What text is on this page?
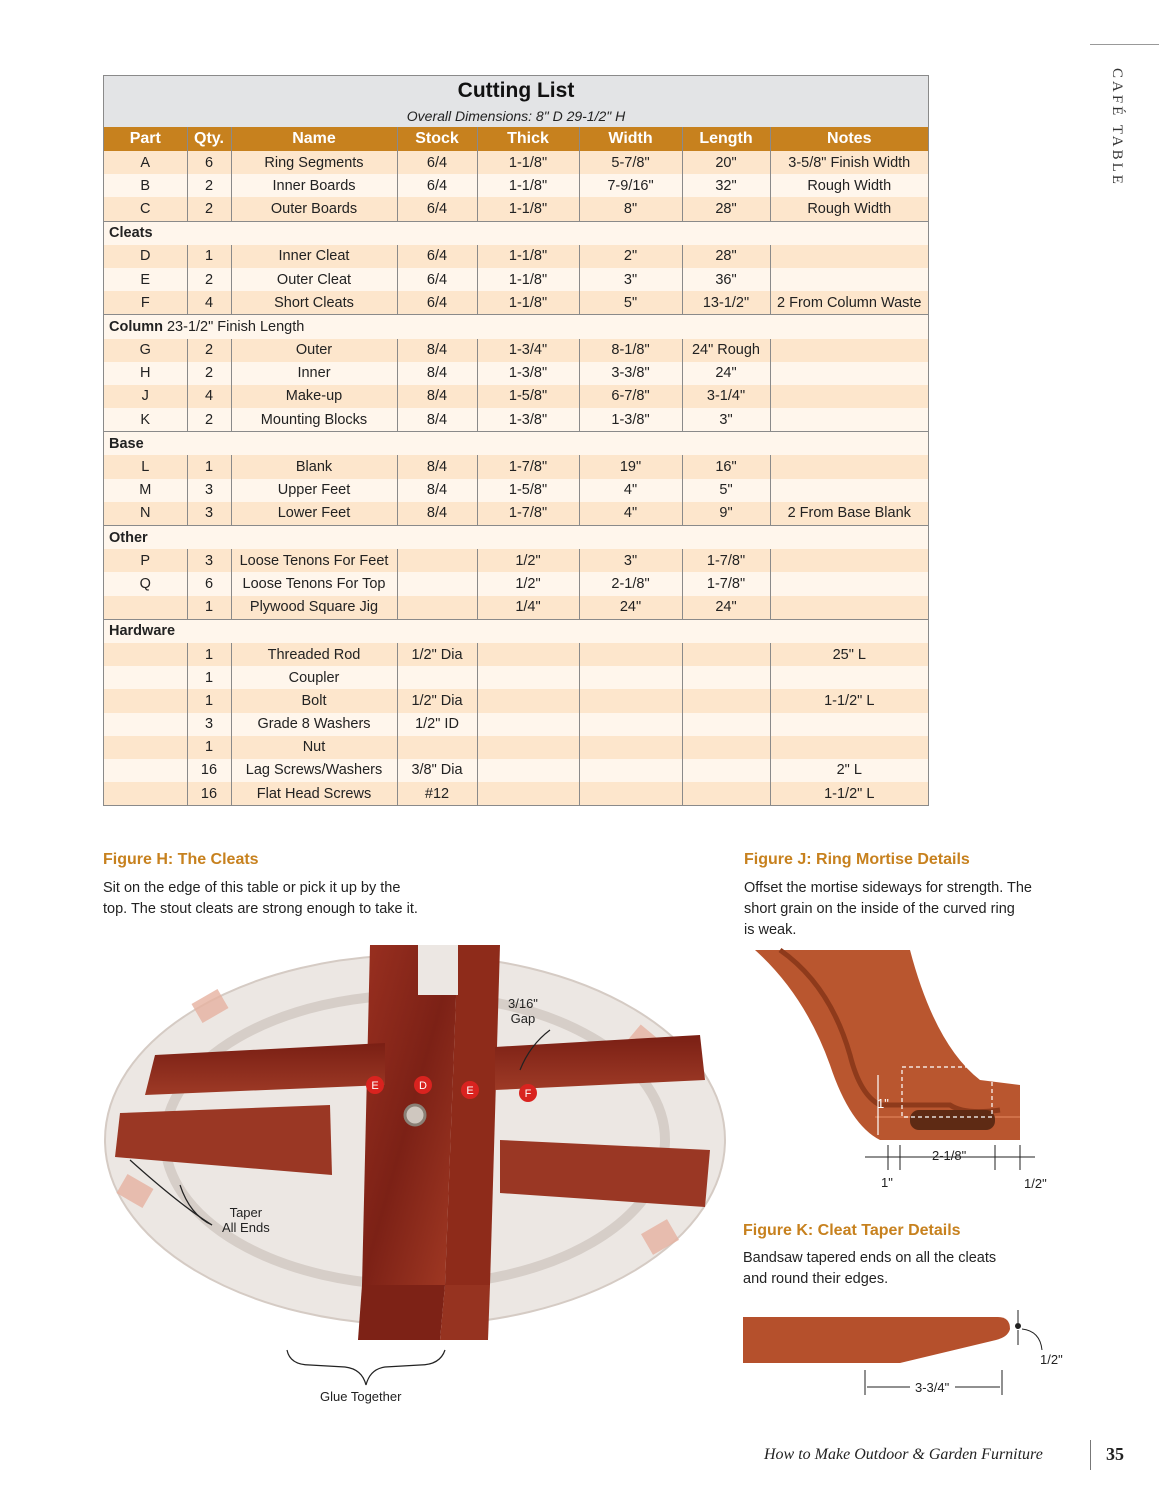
CAFÉ TABLE
Cutting List
Overall Dimensions: 8" D 29-1/2" H
Part	Qty.	Name	Stock	Thick	Width	Length	Notes
A	6	Ring Segments	6/4	1-1/8"	5-7/8"	20"	3-5/8" Finish Width
B	2	Inner Boards	6/4	1-1/8"	7-9/16"	32"	Rough Width
C	2	Outer Boards	6/4	1-1/8"	8"	28"	Rough Width
Cleats							
D	1	Inner Cleat	6/4	1-1/8"	2"	28"	
E	2	Outer Cleat	6/4	1-1/8"	3"	36"	
F	4	Short Cleats	6/4	1-1/8"	5"	13-1/2"	2 From Column Waste
Column 23-1/2" Finish Length							
G	2	Outer	8/4	1-3/4"	8-1/8"	24" Rough	
H	2	Inner	8/4	1-3/8"	3-3/8"	24"	
J	4	Make-up	8/4	1-5/8"	6-7/8"	3-1/4"	
K	2	Mounting Blocks	8/4	1-3/8"	1-3/8"	3"	
Base							
L	1	Blank	8/4	1-7/8"	19"	16"	
M	3	Upper Feet	8/4	1-5/8"	4"	5"	
N	3	Lower Feet	8/4	1-7/8"	4"	9"	2 From Base Blank
Other							
P	3	Loose Tenons For Feet		1/2"	3"	1-7/8"	
Q	6	Loose Tenons For Top		1/2"	2-1/8"	1-7/8"	
	1	Plywood Square Jig		1/4"	24"	24"	
Hardware							
	1	Threaded Rod	1/2" Dia				25" L
	1	Coupler					
	1	Bolt	1/2" Dia				1-1/2" L
	3	Grade 8 Washers	1/2" ID				
	1	Nut					
	16	Lag Screws/Washers	3/8" Dia				2" L
	16	Flat Head Screws	#12				1-1/2" L
Figure H: The Cleats
Sit on the edge of this table or pick it up by the
top. The stout cleats are strong enough to take it.
E	D	E	F
3/16"
Gap
Taper
All Ends
Glue Together
Figure J: Ring Mortise Details
Offset the mortise sideways for strength. The
short grain on the inside of the curved ring
is weak.
1"
2-1/8"
1"	1/2"
Figure K: Cleat Taper Details
Bandsaw tapered ends on all the cleats
and round their edges.
1/2"
3-3/4"
How to Make Outdoor & Garden Furniture	35
